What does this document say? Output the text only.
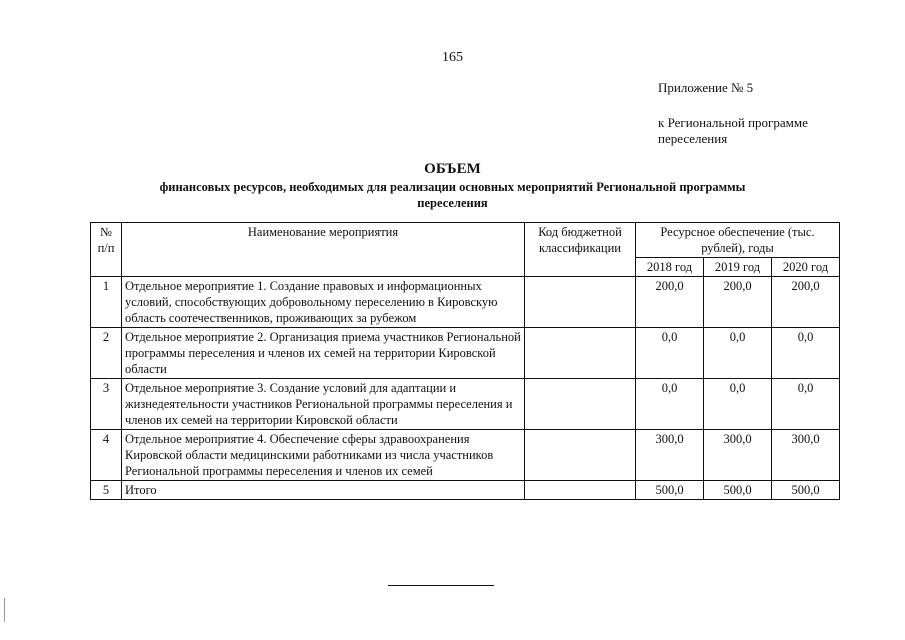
165
Приложение № 5
к Региональной программе переселения
ОБЪЕМ
финансовых ресурсов, необходимых для реализации основных мероприятий Региональной программы переселения
№ п/п	Наименование мероприятия	Код бюджетной классификации	Ресурсное обеспечение (тыс. рублей), годы		
			2018 год	2019 год	2020 год
1	Отдельное мероприятие 1. Создание правовых и информационных условий, способствующих добровольному переселению в Кировскую область соотечественников, проживающих за рубежом		200,0	200,0	200,0
2	Отдельное мероприятие 2. Организация приема участников Региональной программы переселения и членов их семей на территории Кировской области		0,0	0,0	0,0
3	Отдельное мероприятие 3. Создание условий для адаптации и жизнедеятельности участников Региональной программы переселения и членов их семей на территории Кировской области		0,0	0,0	0,0
4	Отдельное мероприятие 4. Обеспечение сферы здравоохранения Кировской области медицинскими работниками из числа участников Региональной программы переселения и членов их семей		300,0	300,0	300,0
5	Итого		500,0	500,0	500,0
